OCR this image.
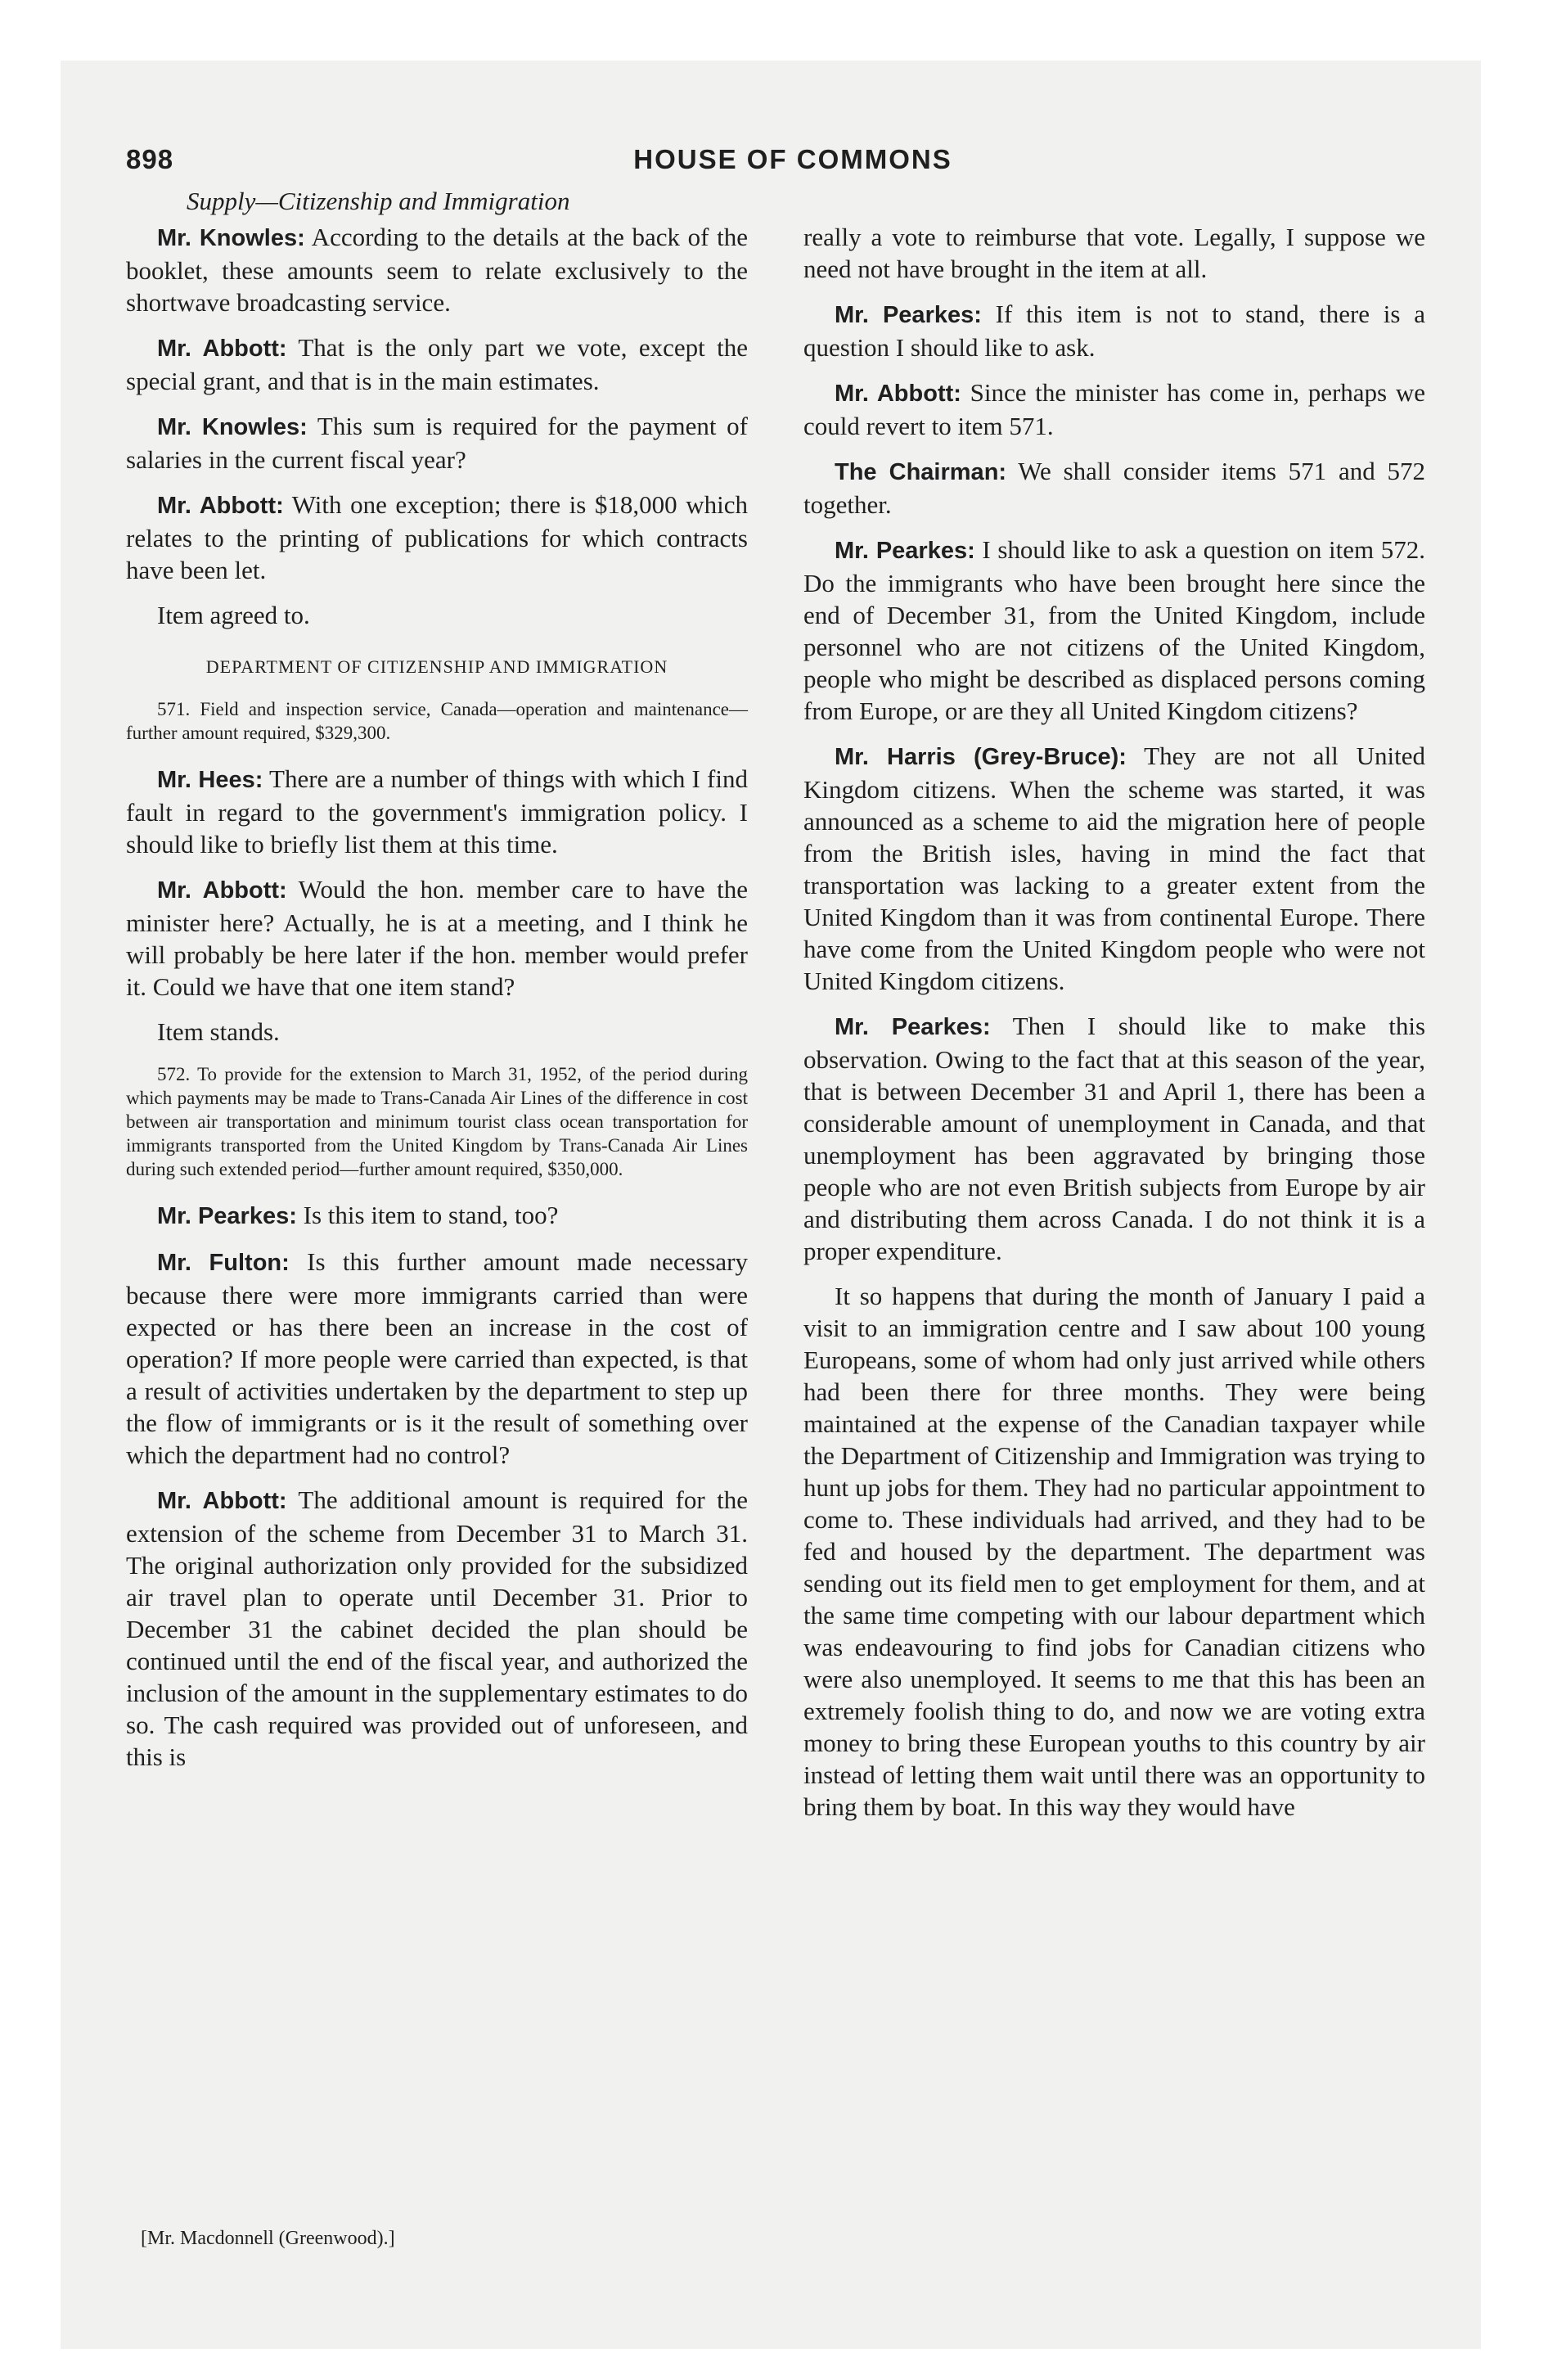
898	HOUSE OF COMMONS
Supply—Citizenship and Immigration

Mr. Knowles: According to the details at the back of the booklet, these amounts seem to relate exclusively to the shortwave broadcasting service.

Mr. Abbott: That is the only part we vote, except the special grant, and that is in the main estimates.

Mr. Knowles: This sum is required for the payment of salaries in the current fiscal year?

Mr. Abbott: With one exception; there is $18,000 which relates to the printing of publications for which contracts have been let.

Item agreed to.

DEPARTMENT OF CITIZENSHIP AND IMMIGRATION

571. Field and inspection service, Canada—operation and maintenance—further amount required, $329,300.

Mr. Hees: There are a number of things with which I find fault in regard to the government's immigration policy. I should like to briefly list them at this time.

Mr. Abbott: Would the hon. member care to have the minister here? Actually, he is at a meeting, and I think he will probably be here later if the hon. member would prefer it. Could we have that one item stand?

Item stands.

572. To provide for the extension to March 31, 1952, of the period during which payments may be made to Trans-Canada Air Lines of the difference in cost between air transportation and minimum tourist class ocean transportation for immigrants transported from the United Kingdom by Trans-Canada Air Lines during such extended period—further amount required, $350,000.

Mr. Pearkes: Is this item to stand, too?

Mr. Fulton: Is this further amount made necessary because there were more immigrants carried than were expected or has there been an increase in the cost of operation? If more people were carried than expected, is that a result of activities undertaken by the department to step up the flow of immigrants or is it the result of something over which the department had no control?

Mr. Abbott: The additional amount is required for the extension of the scheme from December 31 to March 31. The original authorization only provided for the subsidized air travel plan to operate until December 31. Prior to December 31 the cabinet decided the plan should be continued until the end of the fiscal year, and authorized the inclusion of the amount in the supplementary estimates to do so. The cash required was provided out of unforeseen, and this is

[Mr. Macdonnell (Greenwood).]

really a vote to reimburse that vote. Legally, I suppose we need not have brought in the item at all.

Mr. Pearkes: If this item is not to stand, there is a question I should like to ask.

Mr. Abbott: Since the minister has come in, perhaps we could revert to item 571.

The Chairman: We shall consider items 571 and 572 together.

Mr. Pearkes: I should like to ask a question on item 572. Do the immigrants who have been brought here since the end of December 31, from the United Kingdom, include personnel who are not citizens of the United Kingdom, people who might be described as displaced persons coming from Europe, or are they all United Kingdom citizens?

Mr. Harris (Grey-Bruce): They are not all United Kingdom citizens. When the scheme was started, it was announced as a scheme to aid the migration here of people from the British isles, having in mind the fact that transportation was lacking to a greater extent from the United Kingdom than it was from continental Europe. There have come from the United Kingdom people who were not United Kingdom citizens.

Mr. Pearkes: Then I should like to make this observation. Owing to the fact that at this season of the year, that is between December 31 and April 1, there has been a considerable amount of unemployment in Canada, and that unemployment has been aggravated by bringing those people who are not even British subjects from Europe by air and distributing them across Canada. I do not think it is a proper expenditure.

It so happens that during the month of January I paid a visit to an immigration centre and I saw about 100 young Europeans, some of whom had only just arrived while others had been there for three months. They were being maintained at the expense of the Canadian taxpayer while the Department of Citizenship and Immigration was trying to hunt up jobs for them. They had no particular appointment to come to. These individuals had arrived, and they had to be fed and housed by the department. The department was sending out its field men to get employment for them, and at the same time competing with our labour department which was endeavouring to find jobs for Canadian citizens who were also unemployed. It seems to me that this has been an extremely foolish thing to do, and now we are voting extra money to bring these European youths to this country by air instead of letting them wait until there was an opportunity to bring them by boat. In this way they would have
